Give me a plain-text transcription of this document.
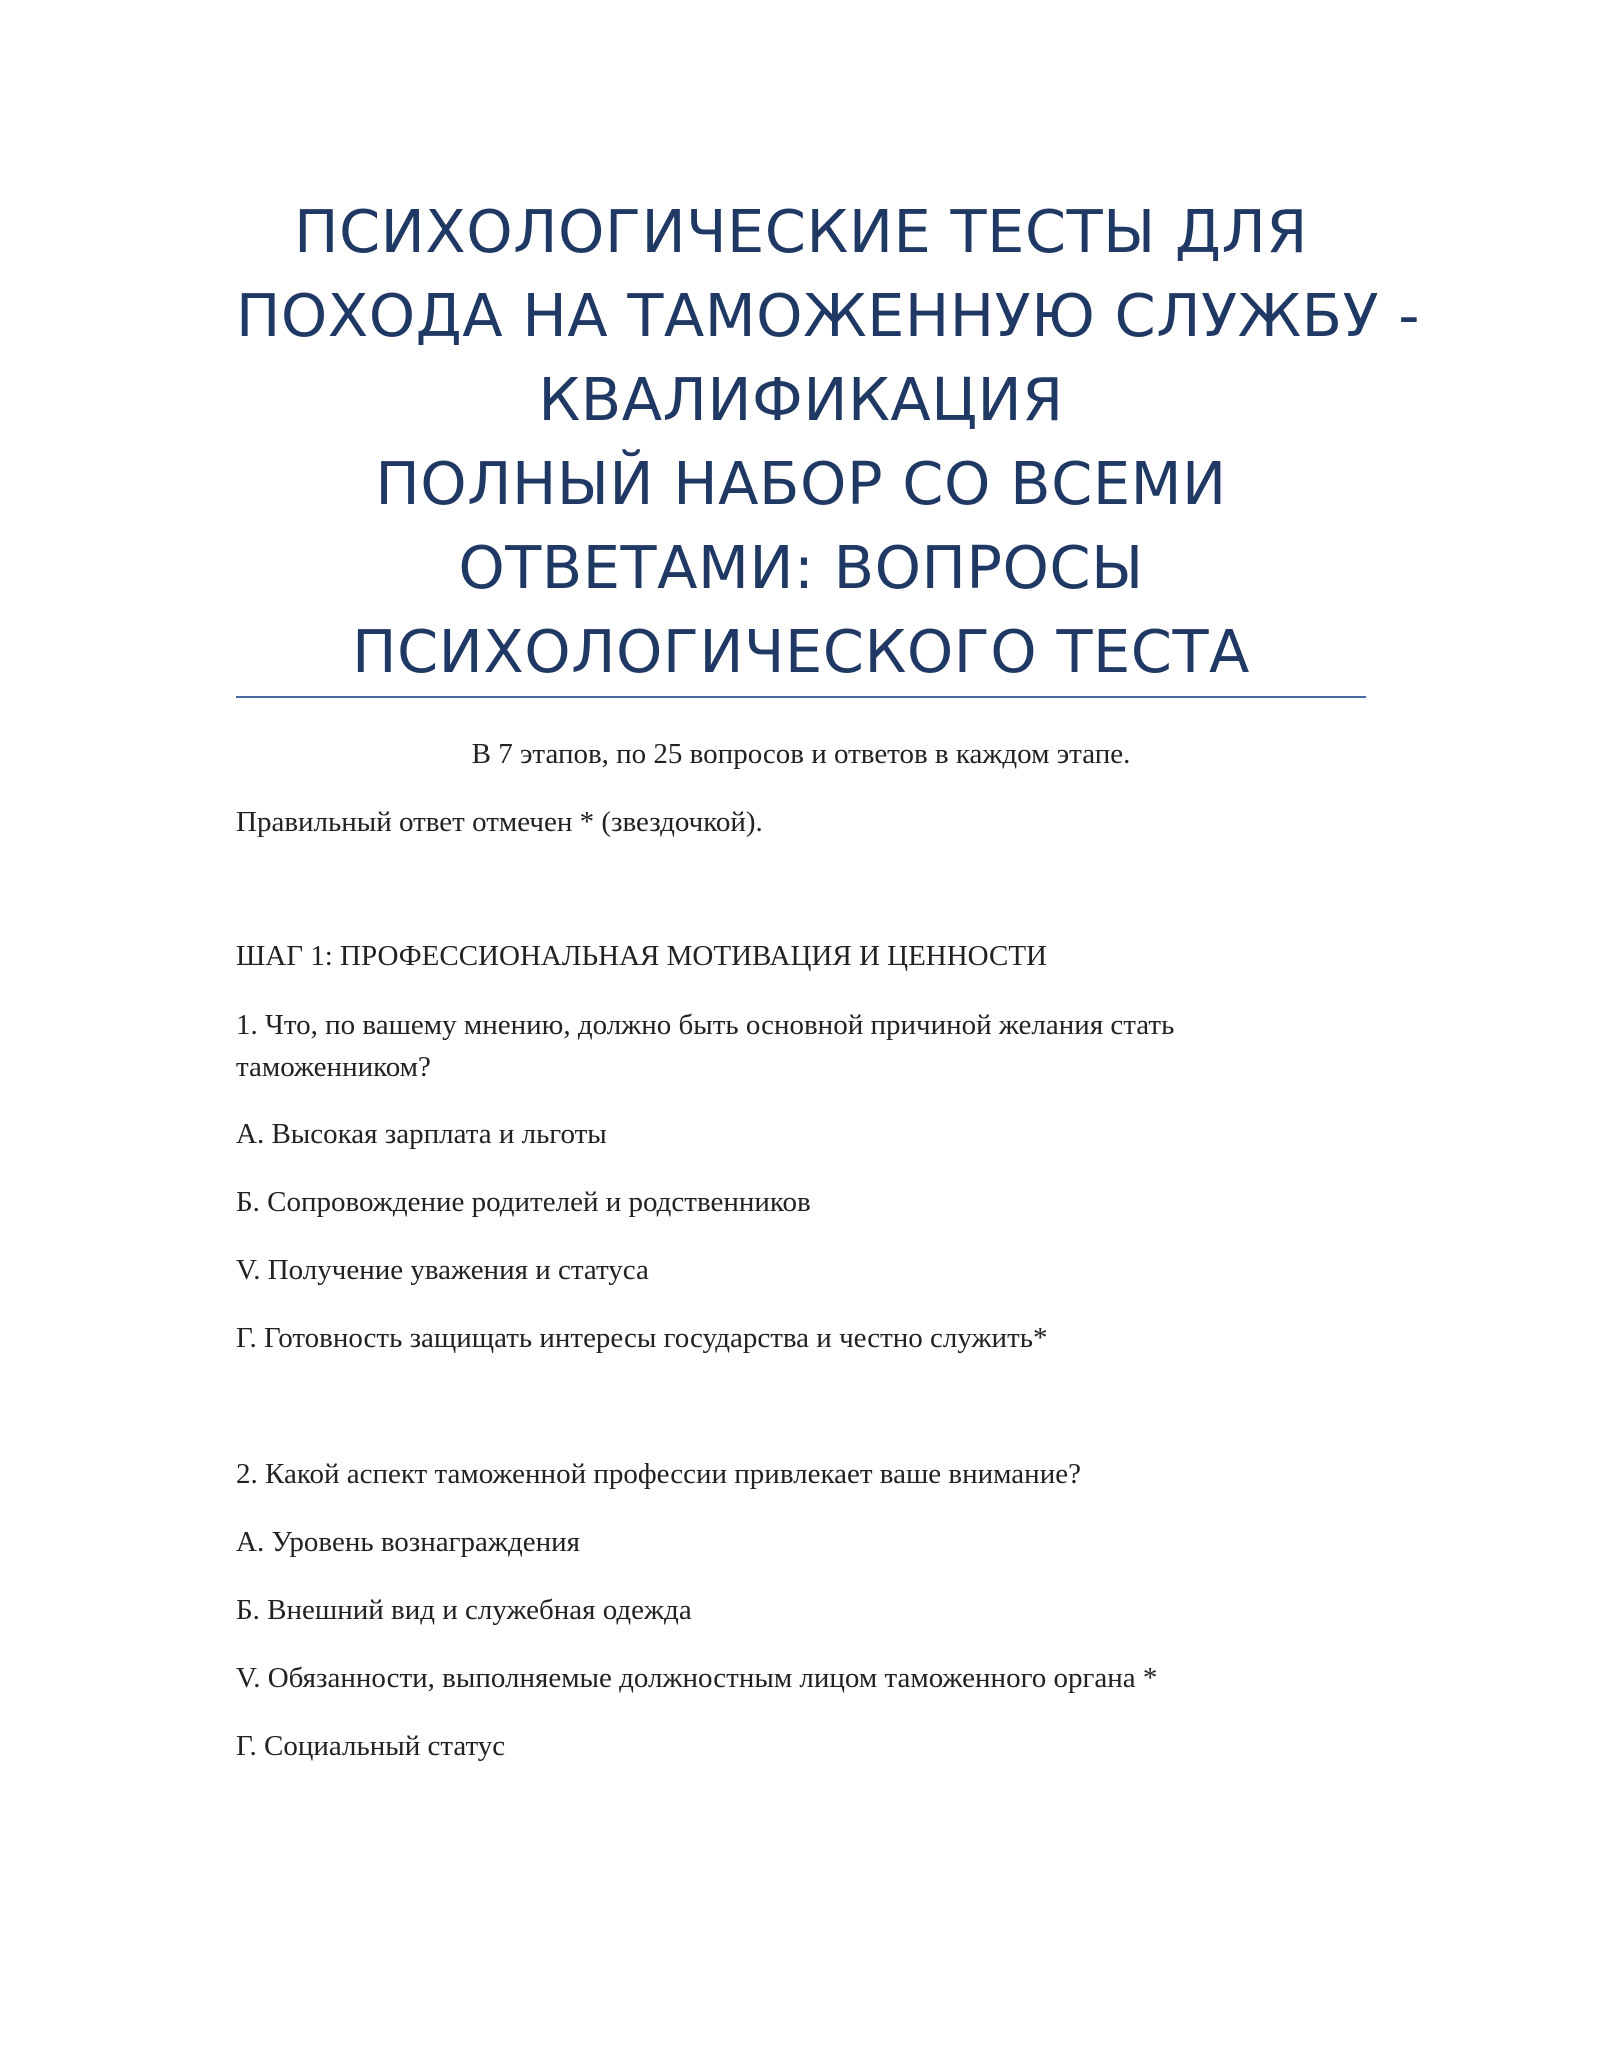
ПСИХОЛОГИЧЕСКИЕ ТЕСТЫ ДЛЯ
ПОХОДА НА ТАМОЖЕННУЮ СЛУЖБУ -
КВАЛИФИКАЦИЯ
ПОЛНЫЙ НАБОР СО ВСЕМИ
ОТВЕТАМИ: ВОПРОСЫ
ПСИХОЛОГИЧЕСКОГО ТЕСТА
В 7 этапов, по 25 вопросов и ответов в каждом этапе.
Правильный ответ отмечен * (звездочкой).
ШАГ 1: ПРОФЕССИОНАЛЬНАЯ МОТИВАЦИЯ И ЦЕННОСТИ
1. Что, по вашему мнению, должно быть основной причиной желания стать таможенником?
А. Высокая зарплата и льготы
Б. Сопровождение родителей и родственников
V. Получение уважения и статуса
Г. Готовность защищать интересы государства и честно служить*
2. Какой аспект таможенной профессии привлекает ваше внимание?
А. Уровень вознаграждения
Б. Внешний вид и служебная одежда
V. Обязанности, выполняемые должностным лицом таможенного органа *
Г. Социальный статус
